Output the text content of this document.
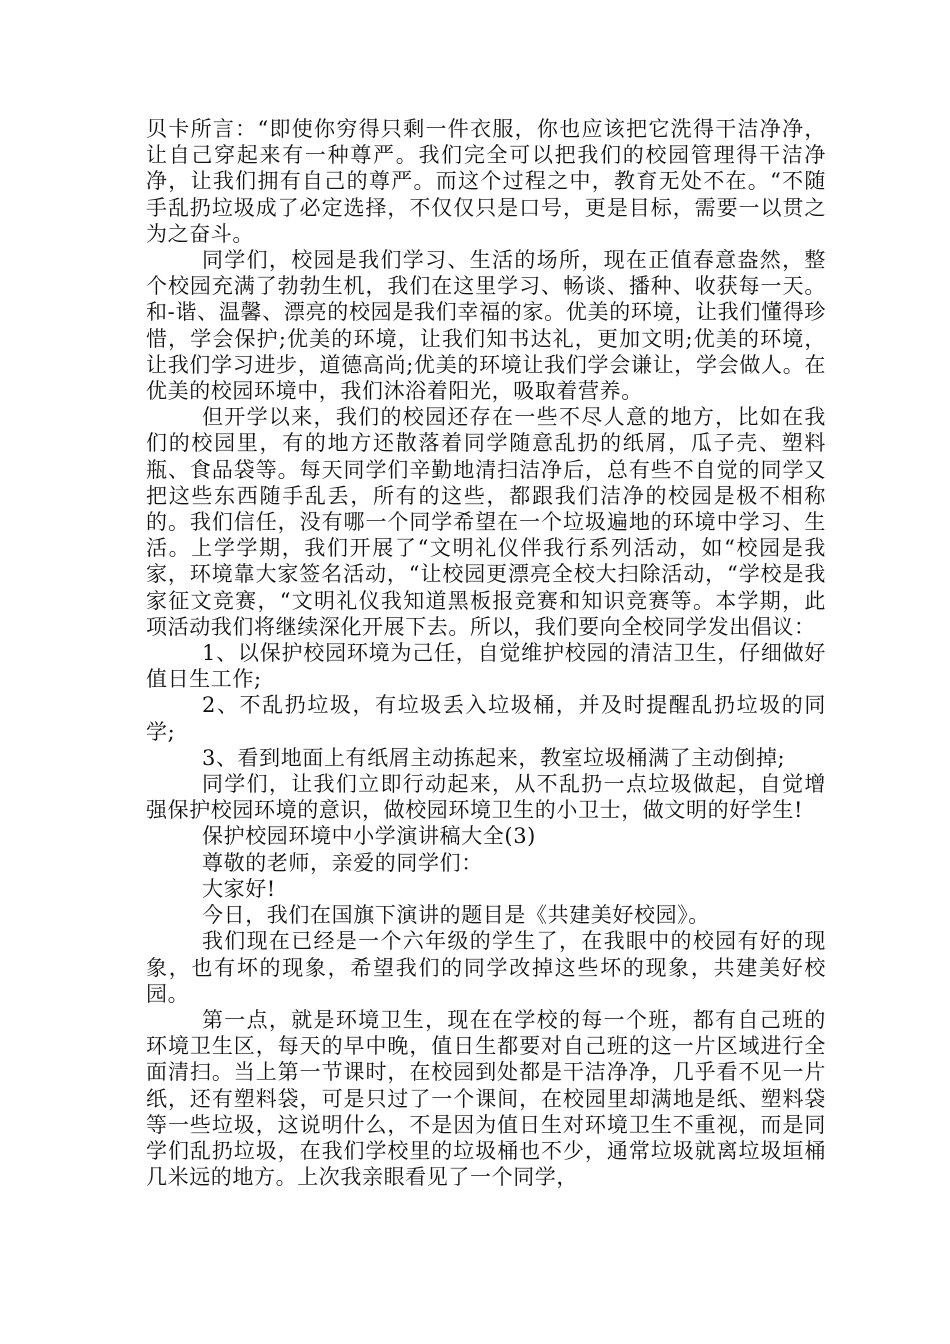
贝卡所言：“即使你穷得只剩一件衣服，你也应该把它洗得干洁净净，让自己穿起来有一种尊严。我们完全可以把我们的校园管理得干洁净净，让我们拥有自己的尊严。而这个过程之中，教育无处不在。“不随手乱扔垃圾成了必定选择，不仅仅只是口号，更是目标，需要一以贯之为之奋斗。

同学们，校园是我们学习、生活的场所，现在正值春意盎然，整个校园充满了勃勃生机，我们在这里学习、畅谈、播种、收获每一天。和-谐、温馨、漂亮的校园是我们幸福的家。优美的环境，让我们懂得珍惜，学会保护;优美的环境，让我们知书达礼，更加文明;优美的环境，让我们学习进步，道德高尚;优美的环境让我们学会谦让，学会做人。在优美的校园环境中，我们沐浴着阳光，吸取着营养。

但开学以来，我们的校园还存在一些不尽人意的地方，比如在我们的校园里，有的地方还散落着同学随意乱扔的纸屑，瓜子壳、塑料瓶、食品袋等。每天同学们辛勤地清扫洁净后，总有些不自觉的同学又把这些东西随手乱丢，所有的这些，都跟我们洁净的校园是极不相称的。我们信任，没有哪一个同学希望在一个垃圾遍地的环境中学习、生活。上学学期，我们开展了“文明礼仪伴我行系列活动，如“校园是我家，环境靠大家签名活动，“让校园更漂亮全校大扫除活动，“学校是我家征文竞赛，“文明礼仪我知道黑板报竞赛和知识竞赛等。本学期，此项活动我们将继续深化开展下去。所以，我们要向全校同学发出倡议：

1、以保护校园环境为己任，自觉维护校园的清洁卫生，仔细做好值日生工作;

2、不乱扔垃圾，有垃圾丢入垃圾桶，并及时提醒乱扔垃圾的同学;

3、看到地面上有纸屑主动拣起来，教室垃圾桶满了主动倒掉;

同学们，让我们立即行动起来，从不乱扔一点垃圾做起，自觉增强保护校园环境的意识，做校园环境卫生的小卫士，做文明的好学生!

保护校园环境中小学演讲稿大全(3)

尊敬的老师，亲爱的同学们：

大家好!

今日，我们在国旗下演讲的题目是《共建美好校园》。

我们现在已经是一个六年级的学生了，在我眼中的校园有好的现象，也有坏的现象，希望我们的同学改掉这些坏的现象，共建美好校园。

第一点，就是环境卫生，现在在学校的每一个班，都有自己班的环境卫生区，每天的早中晚，值日生都要对自己班的这一片区域进行全面清扫。当上第一节课时，在校园到处都是干洁净净，几乎看不见一片纸，还有塑料袋，可是只过了一个课间，在校园里却满地是纸、塑料袋等一些垃圾，这说明什么，不是因为值日生对环境卫生不重视，而是同学们乱扔垃圾，在我们学校里的垃圾桶也不少，通常垃圾就离垃圾垣桶几米远的地方。上次我亲眼看见了一个同学，
